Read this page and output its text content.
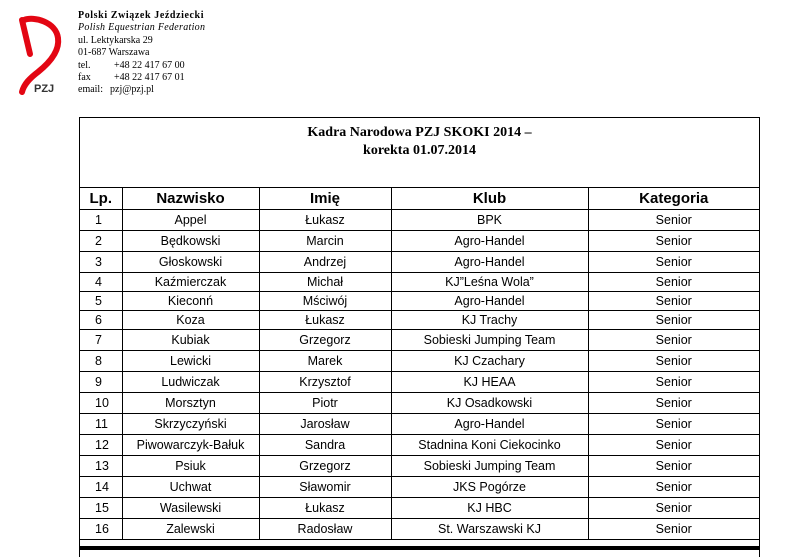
PZJ
Polski Związek Jeździecki
Polish Equestrian Federation
ul. Lektykarska 29
01-687 Warszawa
tel. +48 22 417 67 00
fax +48 22 417 67 01
email: pzj@pzj.pl
Kadra Narodowa PZJ SKOKI 2014 –
korekta 01.07.2014
Lp.	Nazwisko	Imię	Klub	Kategoria
1	Appel	Łukasz	BPK	Senior
2	Będkowski	Marcin	Agro-Handel	Senior
3	Głoskowski	Andrzej	Agro-Handel	Senior
4	Kaźmierczak	Michał	KJ”Leśna Wola”	Senior
5	Kieconń	Mściwój	Agro-Handel	Senior
6	Koza	Łukasz	KJ Trachy	Senior
7	Kubiak	Grzegorz	Sobieski Jumping Team	Senior
8	Lewicki	Marek	KJ Czachary	Senior
9	Ludwiczak	Krzysztof	KJ HEAA	Senior
10	Morsztyn	Piotr	KJ Osadkowski	Senior
11	Skrzyczyński	Jarosław	Agro-Handel	Senior
12	Piwowarczyk-Bałuk	Sandra	Stadnina Koni Ciekocinko	Senior
13	Psiuk	Grzegorz	Sobieski Jumping Team	Senior
14	Uchwat	Sławomir	JKS Pogórze	Senior
15	Wasilewski	Łukasz	KJ HBC	Senior
16	Zalewski	Radosław	St. Warszawski KJ	Senior
